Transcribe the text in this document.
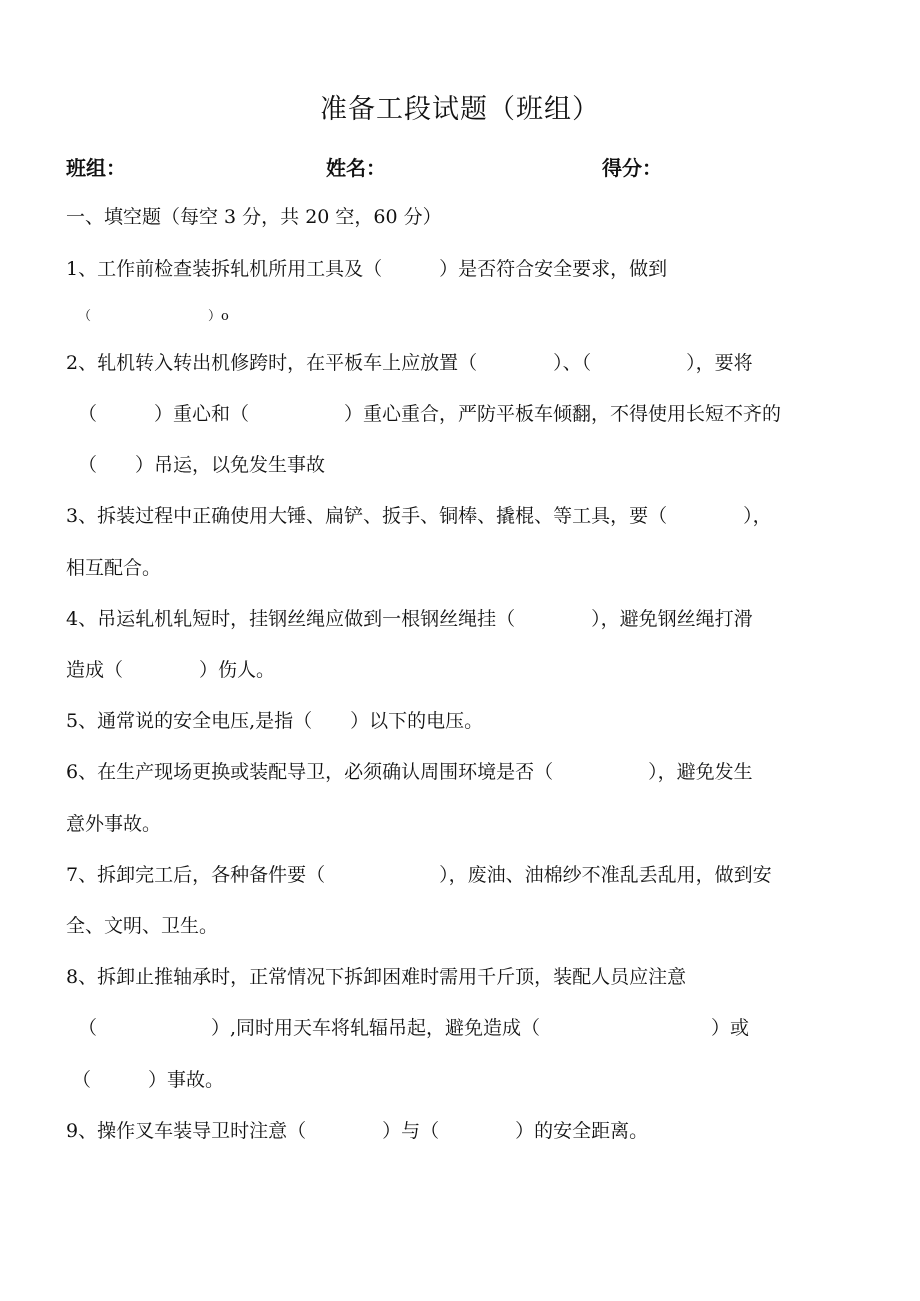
准备工段试题（班组）
班组：	姓名：	得分：
一、填空题（每空 3 分，共 20 空，60 分）
1、工作前检查装拆轧机所用工具及（　　　）是否符合安全要求，做到
（　　　　　　　　　）o
2、轧机转入转出机修跨时，在平板车上应放置（　　　　）、（　　　　　），要将
（　　　）重心和（　　　　　）重心重合，严防平板车倾翻，不得使用长短不齐的
（　　）吊运，以免发生事故
3、拆装过程中正确使用大锤、扁铲、扳手、铜棒、撬棍、等工具，要（　　　　），
相互配合。
4、吊运轧机轧短时，挂钢丝绳应做到一根钢丝绳挂（　　　　），避免钢丝绳打滑
造成（　　　　）伤人。
5、通常说的安全电压,是指（　　）以下的电压。
6、在生产现场更换或装配导卫，必须确认周围环境是否（　　　　　），避免发生
意外事故。
7、拆卸完工后，各种备件要（　　　　　　），废油、油棉纱不准乱丢乱用，做到安
全、文明、卫生。
8、拆卸止推轴承时，正常情况下拆卸困难时需用千斤顶，装配人员应注意
（　　　　　　）,同时用天车将轧辐吊起，避免造成（　　　　　　　　　）或
（　　　）事故。
9、操作叉车装导卫时注意（　　　　）与（　　　　）的安全距离。
